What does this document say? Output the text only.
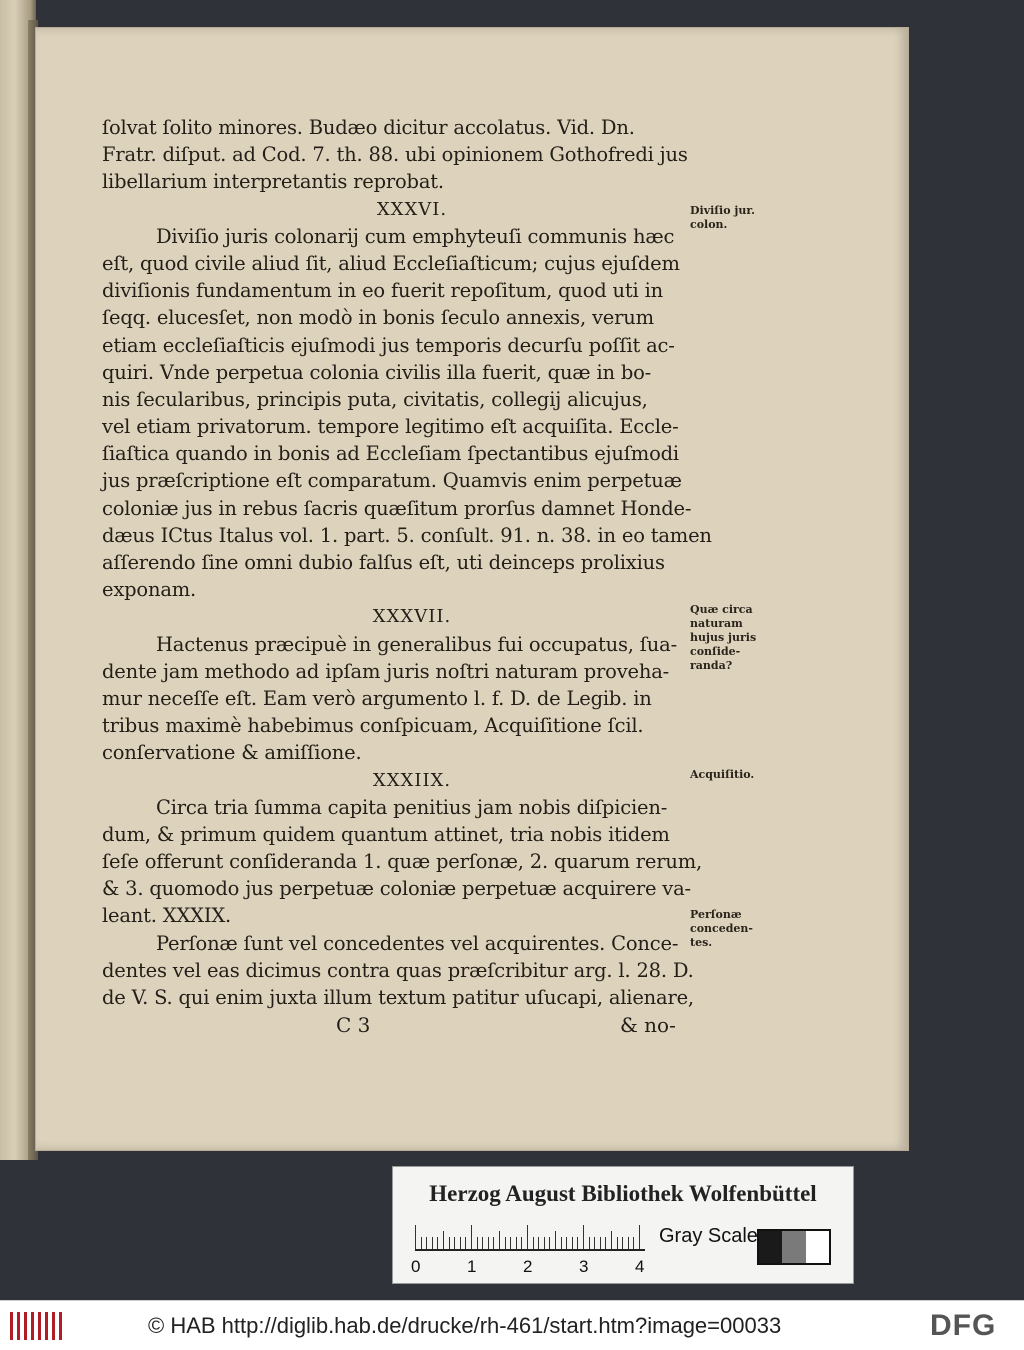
ſolvat ſolito minores. Budæo dicitur accolatus. Vid. Dn.
Fratr. diſput. ad Cod. 7. th. 88. ubi opinionem Gothofredi jus
libellarium interpretantis reprobat.
XXXVI.
Diviſio juris colonarij cum emphyteuſi communis hæc
eſt, quod civile aliud ſit, aliud Eccleſiaſticum; cujus ejuſdem
diviſionis fundamentum in eo fuerit repoſitum, quod uti in
ſeqq. elucesſet, non modò in bonis ſeculo annexis, verum
etiam eccleſiaſticis ejuſmodi jus temporis decurſu poſſit ac-
quiri. Vnde perpetua colonia civilis illa fuerit, quæ in bo-
nis ſecularibus, principis puta, civitatis, collegij alicujus,
vel etiam privatorum. tempore legitimo eſt acquiſita. Eccle-
ſiaſtica quando in bonis ad Eccleſiam ſpectantibus ejuſmodi
jus præſcriptione eſt comparatum. Quamvis enim perpetuæ
coloniæ jus in rebus ſacris quæſitum prorſus damnet Honde-
dæus ICtus Italus vol. 1. part. 5. conſult. 91. n. 38. in eo tamen
aſſerendo ſine omni dubio falſus eſt, uti deinceps prolixius
exponam.
XXXVII.
Hactenus præcipuè in generalibus fui occupatus, ſua-
dente jam methodo ad ipſam juris noſtri naturam proveha-
mur neceſſe eſt. Eam verò argumento l. f. D. de Legib. in
tribus maximè habebimus conſpicuam, Acquiſitione ſcil.
conſervatione & amiſſione.
XXXIIX.
Circa tria ſumma capita penitius jam nobis diſpicien-
dum, & primum quidem quantum attinet, tria nobis itidem
ſeſe offerunt conſideranda 1. quæ perſonæ, 2. quarum rerum,
& 3. quomodo jus perpetuæ coloniæ perpetuæ acquirere va-
leant. XXXIX.
Perſonæ ſunt vel concedentes vel acquirentes. Conce-
dentes vel eas dicimus contra quas præſcribitur arg. l. 28. D.
de V. S. qui enim juxta illum textum patitur uſucapi, alienare,
Diviſio jur. colon.
Quæ circa naturam hujus juris conſide-randa?
Acquiſitio.
Perſonæ conceden-tes.
C 3	& no-
Herzog August Bibliothek Wolfenbüttel
0	1	2	3	4
Gray Scale
© HAB http://diglib.hab.de/drucke/rh-461/start.htm?image=00033	DFG
